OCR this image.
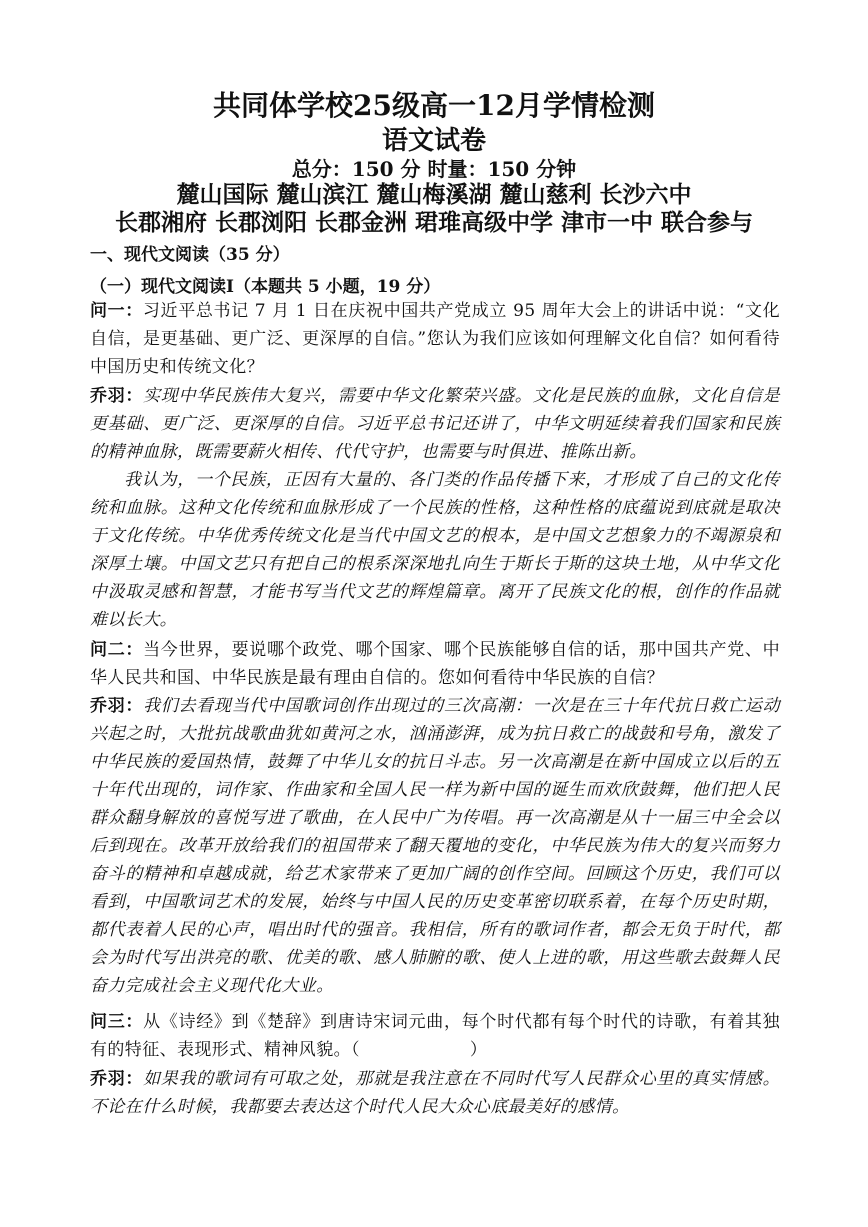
共同体学校25级高一12月学情检测
语文试卷
总分：150 分 时量：150 分钟
麓山国际 麓山滨江 麓山梅溪湖 麓山慈利 长沙六中
长郡湘府 长郡浏阳 长郡金洲 珺琟高级中学 津市一中 联合参与
一、现代文阅读（35 分）
（一）现代文阅读Ⅰ（本题共 5 小题，19 分）
问一：习近平总书记 7 月 1 日在庆祝中国共产党成立 95 周年大会上的讲话中说：“文化自信，是更基础、更广泛、更深厚的自信。”您认为我们应该如何理解文化自信？如何看待中国历史和传统文化？
乔羽：实现中华民族伟大复兴，需要中华文化繁荣兴盛。文化是民族的血脉，文化自信是更基础、更广泛、更深厚的自信。习近平总书记还讲了，中华文明延续着我们国家和民族的精神血脉，既需要薪火相传、代代守护，也需要与时俱进、推陈出新。
我认为，一个民族，正因有大量的、各门类的作品传播下来，才形成了自己的文化传统和血脉。这种文化传统和血脉形成了一个民族的性格，这种性格的底蕴说到底就是取决于文化传统。中华优秀传统文化是当代中国文艺的根本，是中国文艺想象力的不竭源泉和深厚土壤。中国文艺只有把自己的根系深深地扎向生于斯长于斯的这块土地，从中华文化中汲取灵感和智慧，才能书写当代文艺的辉煌篇章。离开了民族文化的根，创作的作品就难以长大。
问二：当今世界，要说哪个政党、哪个国家、哪个民族能够自信的话，那中国共产党、中华人民共和国、中华民族是最有理由自信的。您如何看待中华民族的自信？
乔羽：我们去看现当代中国歌词创作出现过的三次高潮：一次是在三十年代抗日救亡运动兴起之时，大批抗战歌曲犹如黄河之水，汹涌澎湃，成为抗日救亡的战鼓和号角，激发了中华民族的爱国热情，鼓舞了中华儿女的抗日斗志。另一次高潮是在新中国成立以后的五十年代出现的，词作家、作曲家和全国人民一样为新中国的诞生而欢欣鼓舞，他们把人民群众翻身解放的喜悦写进了歌曲，在人民中广为传唱。再一次高潮是从十一届三中全会以后到现在。改革开放给我们的祖国带来了翻天覆地的变化，中华民族为伟大的复兴而努力奋斗的精神和卓越成就，给艺术家带来了更加广阔的创作空间。回顾这个历史，我们可以看到，中国歌词艺术的发展，始终与中国人民的历史变革密切联系着，在每个历史时期，都代表着人民的心声，唱出时代的强音。我相信，所有的歌词作者，都会无负于时代，都会为时代写出洪亮的歌、优美的歌、感人肺腑的歌、使人上进的歌，用这些歌去鼓舞人民奋力完成社会主义现代化大业。
问三：从《诗经》到《楚辞》到唐诗宋词元曲，每个时代都有每个时代的诗歌，有着其独有的特征、表现形式、精神风貌。（	）
乔羽：如果我的歌词有可取之处，那就是我注意在不同时代写人民群众心里的真实情感。不论在什么时候，我都要去表达这个时代人民大众心底最美好的感情。
